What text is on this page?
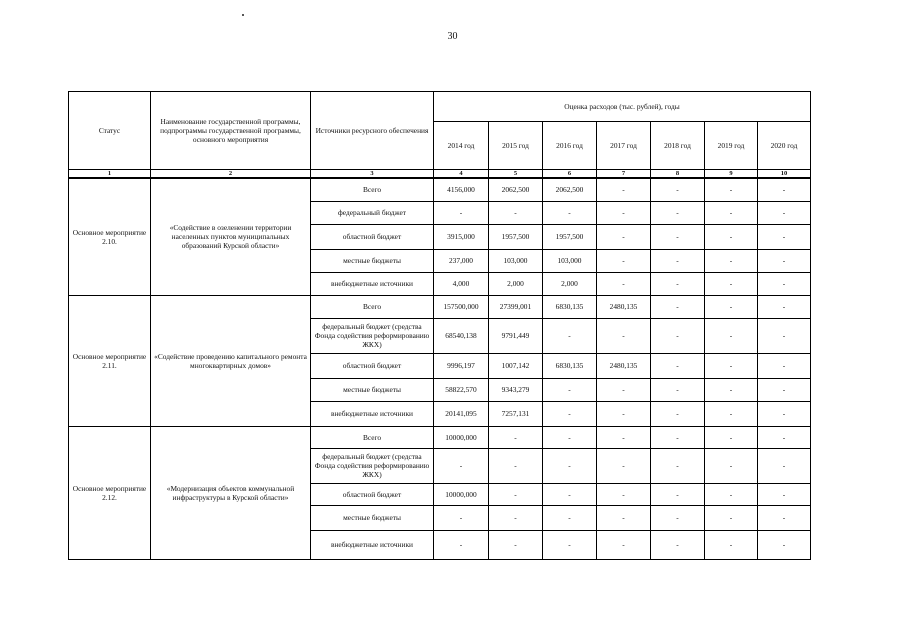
30
Статус	Наименование государственной программы, подпрограммы государственной программы, основного мероприятия	Источники ресурсного обеспечения	Оценка расходов (тыс. рублей), годы						
			2014 год	2015 год	2016 год	2017 год	2018 год	2019 год	2020 год
1	2	3	4	5	6	7	8	9	10
Основное мероприятие 2.10.	«Содействие в озеленении территории населенных пунктов муниципальных образований Курской области»	Всего	4156,000	2062,500	2062,500	-	-	-	-
		федеральный бюджет	-	-	-	-	-	-	-
		областной бюджет	3915,000	1957,500	1957,500	-	-	-	-
		местные бюджеты	237,000	103,000	103,000	-	-	-	-
		внебюджетные источники	4,000	2,000	2,000	-	-	-	-
Основное мероприятие 2.11.	«Содействие проведению капитального ремонта многоквартирных домов»	Всего	157500,000	27399,001	6830,135	2480,135	-	-	-
		федеральный бюджет (средства Фонда содействия реформированию ЖКХ)	68540,138	9791,449	-	-	-	-	-
		областной бюджет	9996,197	1007,142	6830,135	2480,135	-	-	-
		местные бюджеты	58822,570	9343,279	-	-	-	-	-
		внебюджетные источники	20141,095	7257,131	-	-	-	-	-
Основное мероприятие 2.12.	«Модернизация объектов коммунальной инфраструктуры в Курской области»	Всего	10000,000	-	-	-	-	-	-
		федеральный бюджет (средства Фонда содействия реформированию ЖКХ)	-	-	-	-	-	-	-
		областной бюджет	10000,000	-	-	-	-	-	-
		местные бюджеты	-	-	-	-	-	-	-
		внебюджетные источники	-	-	-	-	-	-	-
